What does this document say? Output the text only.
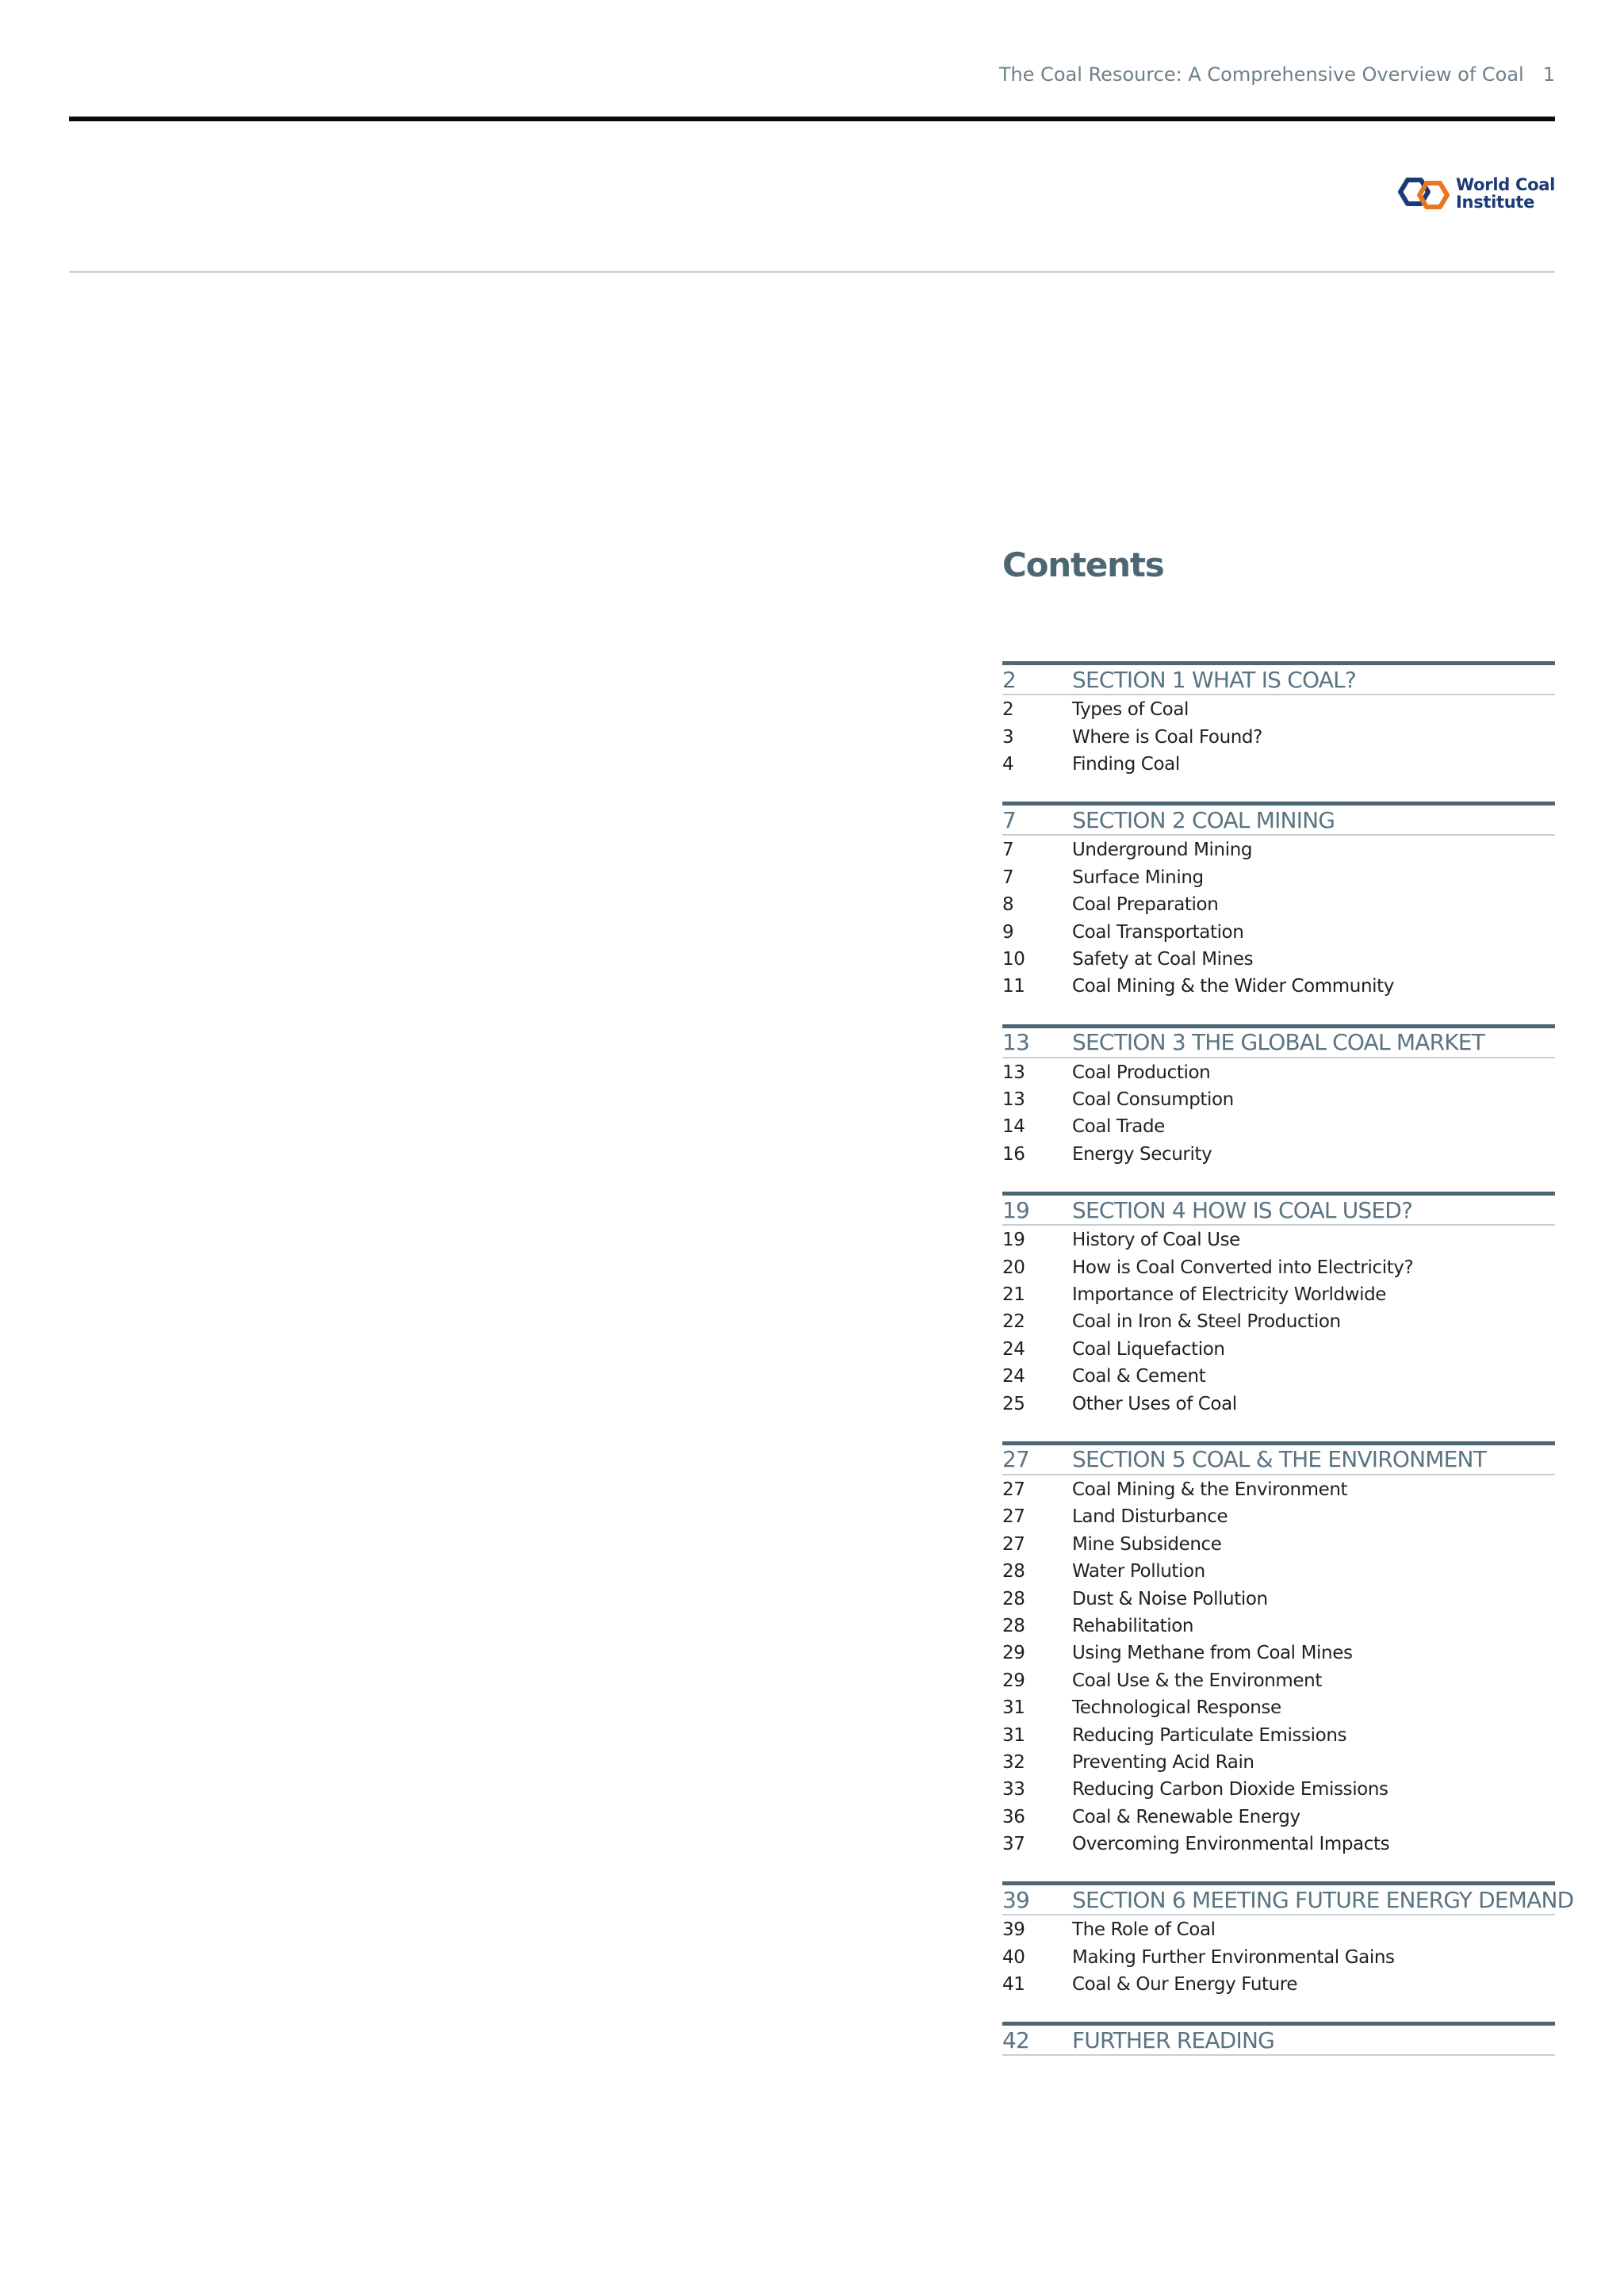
The Coal Resource: A Comprehensive Overview of Coal 1
World Coal
Institute
Contents
2	SECTION 1 WHAT IS COAL?
2	Types of Coal
3	Where is Coal Found?
4	Finding Coal
7	SECTION 2 COAL MINING
7	Underground Mining
7	Surface Mining
8	Coal Preparation
9	Coal Transportation
10	Safety at Coal Mines
11	Coal Mining & the Wider Community
13	SECTION 3 THE GLOBAL COAL MARKET
13	Coal Production
13	Coal Consumption
14	Coal Trade
16	Energy Security
19	SECTION 4 HOW IS COAL USED?
19	History of Coal Use
20	How is Coal Converted into Electricity?
21	Importance of Electricity Worldwide
22	Coal in Iron & Steel Production
24	Coal Liquefaction
24	Coal & Cement
25	Other Uses of Coal
27	SECTION 5 COAL & THE ENVIRONMENT
27	Coal Mining & the Environment
27	Land Disturbance
27	Mine Subsidence
28	Water Pollution
28	Dust & Noise Pollution
28	Rehabilitation
29	Using Methane from Coal Mines
29	Coal Use & the Environment
31	Technological Response
31	Reducing Particulate Emissions
32	Preventing Acid Rain
33	Reducing Carbon Dioxide Emissions
36	Coal & Renewable Energy
37	Overcoming Environmental Impacts
39	SECTION 6 MEETING FUTURE ENERGY DEMAND
39	The Role of Coal
40	Making Further Environmental Gains
41	Coal & Our Energy Future
42	FURTHER READING
